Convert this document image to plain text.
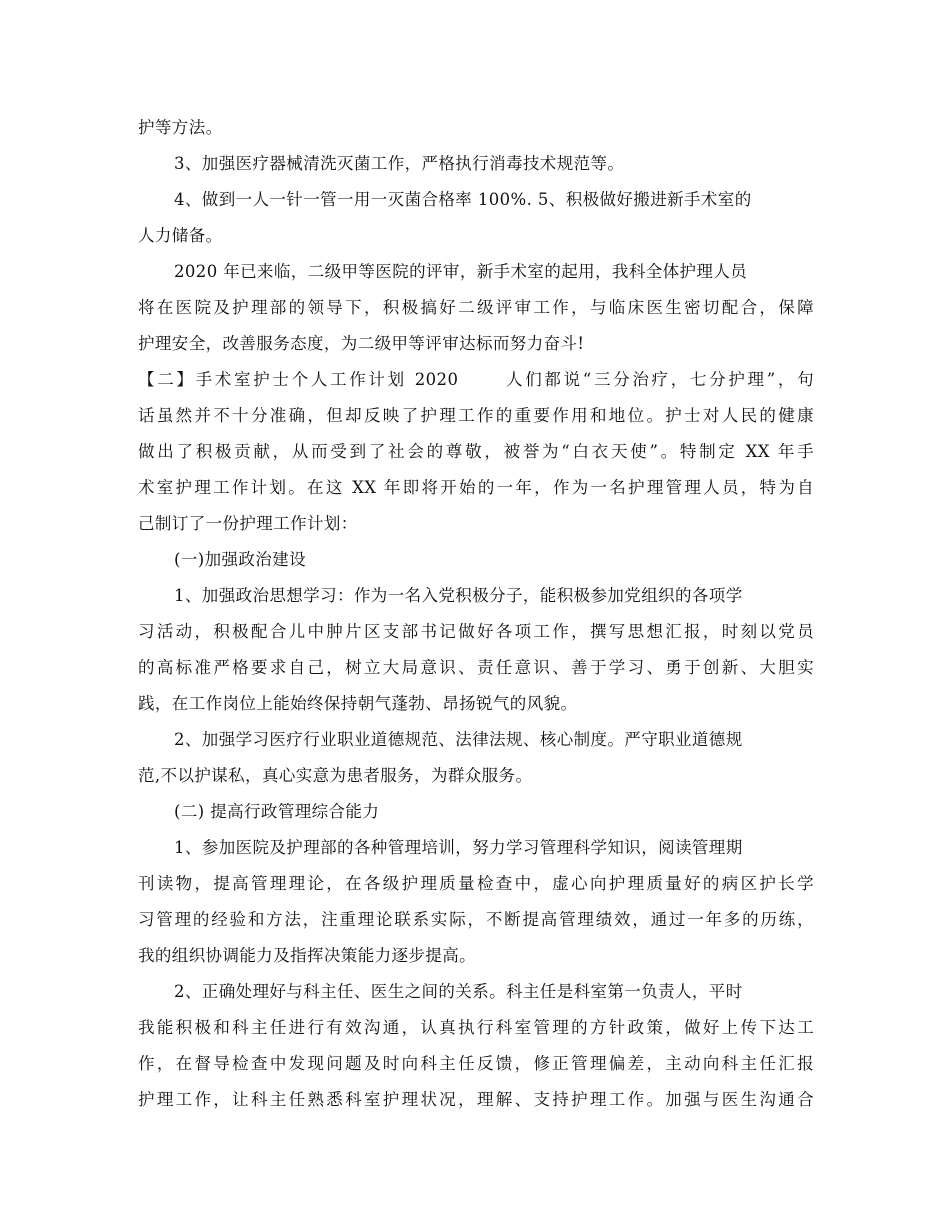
护等方法。
3、加强医疗器械清洗灭菌工作，严格执行消毒技术规范等。
4、做到一人一针一管一用一灭菌合格率 100%. 5、积极做好搬进新手术室的
人力储备。
2020 年已来临，二级甲等医院的评审，新手术室的起用，我科全体护理人员
将在医院及护理部的领导下，积极搞好二级评审工作，与临床医生密切配合，保障
护理安全，改善服务态度，为二级甲等评审达标而努力奋斗!
【二】手术室护士个人工作计划 2020      人们都说“三分治疗，七分护理”，句
话虽然并不十分准确，但却反映了护理工作的重要作用和地位。护士对人民的健康
做出了积极贡献，从而受到了社会的尊敬，被誉为“白衣天使”。特制定 XX 年手
术室护理工作计划。在这 XX 年即将开始的一年，作为一名护理管理人员，特为自
己制订了一份护理工作计划：
(一)加强政治建设
1、加强政治思想学习：作为一名入党积极分子，能积极参加党组织的各项学
习活动，积极配合儿中肿片区支部书记做好各项工作，撰写思想汇报，时刻以党员
的高标准严格要求自己，树立大局意识、责任意识、善于学习、勇于创新、大胆实
践，在工作岗位上能始终保持朝气蓬勃、昂扬锐气的风貌。
2、加强学习医疗行业职业道德规范、法律法规、核心制度。严守职业道德规
范,不以护谋私，真心实意为患者服务，为群众服务。
(二) 提高行政管理综合能力
1、参加医院及护理部的各种管理培训，努力学习管理科学知识，阅读管理期
刊读物，提高管理理论，在各级护理质量检查中，虚心向护理质量好的病区护长学
习管理的经验和方法，注重理论联系实际，不断提高管理绩效，通过一年多的历练，
我的组织协调能力及指挥决策能力逐步提高。
2、正确处理好与科主任、医生之间的关系。科主任是科室第一负责人，平时
我能积极和科主任进行有效沟通，认真执行科室管理的方针政策，做好上传下达工
作，在督导检查中发现问题及时向科主任反馈，修正管理偏差，主动向科主任汇报
护理工作，让科主任熟悉科室护理状况，理解、支持护理工作。加强与医生沟通合
